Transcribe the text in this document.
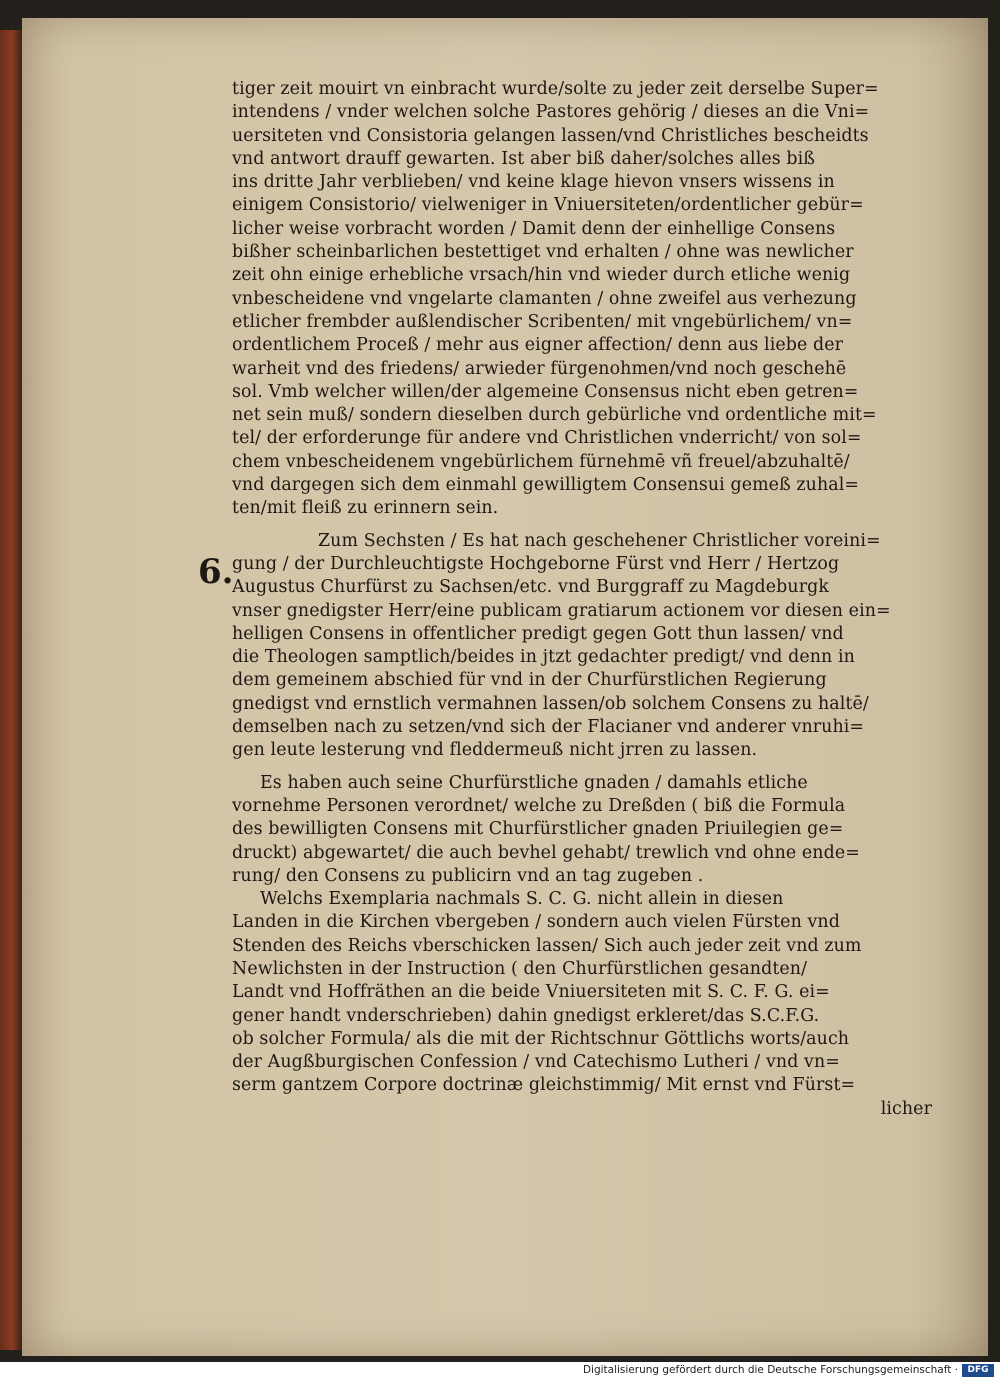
6.
tiger zeit mouirt vn einbracht wurde/solte zu jeder zeit derselbe Super=
intendens / vnder welchen solche Pastores gehörig / dieses an die Vni=
uersiteten vnd Consistoria gelangen lassen/vnd Christliches bescheidts
vnd antwort drauff gewarten. Ist aber biß daher/solches alles biß
ins dritte Jahr verblieben/ vnd keine klage hievon vnsers wissens in
einigem Consistorio/ vielweniger in Vniuersiteten/ordentlicher gebür=
licher weise vorbracht worden / Damit denn der einhellige Consens
bißher scheinbarlichen bestettiget vnd erhalten / ohne was newlicher
zeit ohn einige erhebliche vrsach/hin vnd wieder durch etliche wenig
vnbescheidene vnd vngelarte clamanten / ohne zweifel aus verhezung
etlicher frembder außlendischer Scribenten/ mit vngebürlichem/ vn=
ordentlichem Proceß / mehr aus eigner affection/ denn aus liebe der
warheit vnd des friedens/ arwieder fürgenohmen/vnd noch geschehē
sol. Vmb welcher willen/der algemeine Consensus nicht eben getren=
net sein muß/ sondern dieselben durch gebürliche vnd ordentliche mit=
tel/ der erforderunge für andere vnd Christlichen vnderricht/ von sol=
chem vnbescheidenem vngebürlichem fürnehmē vñ freuel/abzuhaltē/
vnd dargegen sich dem einmahl gewilligtem Consensui gemeß zuhal=
ten/mit fleiß zu erinnern sein.
Zum Sechsten / Es hat nach geschehener Christlicher voreini=
gung / der Durchleuchtigste Hochgeborne Fürst vnd Herr / Hertzog
Augustus Churfürst zu Sachsen/etc. vnd Burggraff zu Magdeburgk
vnser gnedigster Herr/eine publicam gratiarum actionem vor diesen ein=
helligen Consens in offentlicher predigt gegen Gott thun lassen/ vnd
die Theologen samptlich/beides in jtzt gedachter predigt/ vnd denn in
dem gemeinem abschied für vnd in der Churfürstlichen Regierung
gnedigst vnd ernstlich vermahnen lassen/ob solchem Consens zu haltē/
demselben nach zu setzen/vnd sich der Flacianer vnd anderer vnruhi=
gen leute lesterung vnd fleddermeuß nicht jrren zu lassen.
Es haben auch seine Churfürstliche gnaden / damahls etliche
vornehme Personen verordnet/ welche zu Dreßden ( biß die Formula
des bewilligten Consens mit Churfürstlicher gnaden Priuilegien ge=
druckt) abgewartet/ die auch bevhel gehabt/ trewlich vnd ohne ende=
rung/ den Consens zu publicirn vnd an tag zugeben .
Welchs Exemplaria nachmals S. C. G. nicht allein in diesen
Landen in die Kirchen vbergeben / sondern auch vielen Fürsten vnd
Stenden des Reichs vberschicken lassen/ Sich auch jeder zeit vnd zum
Newlichsten in der Instruction ( den Churfürstlichen gesandten/
Landt vnd Hoffräthen an die beide Vniuersiteten mit S. C. F. G. ei=
gener handt vnderschrieben) dahin gnedigst erkleret/das S.C.F.G.
ob solcher Formula/ als die mit der Richtschnur Göttlichs worts/auch
der Augßburgischen Confession / vnd Catechismo Lutheri / vnd vn=
serm gantzem Corpore doctrinæ gleichstimmig/ Mit ernst vnd Fürst=
licher
Digitalisierung gefördert durch die Deutsche Forschungsgemeinschaft ·	DFG
